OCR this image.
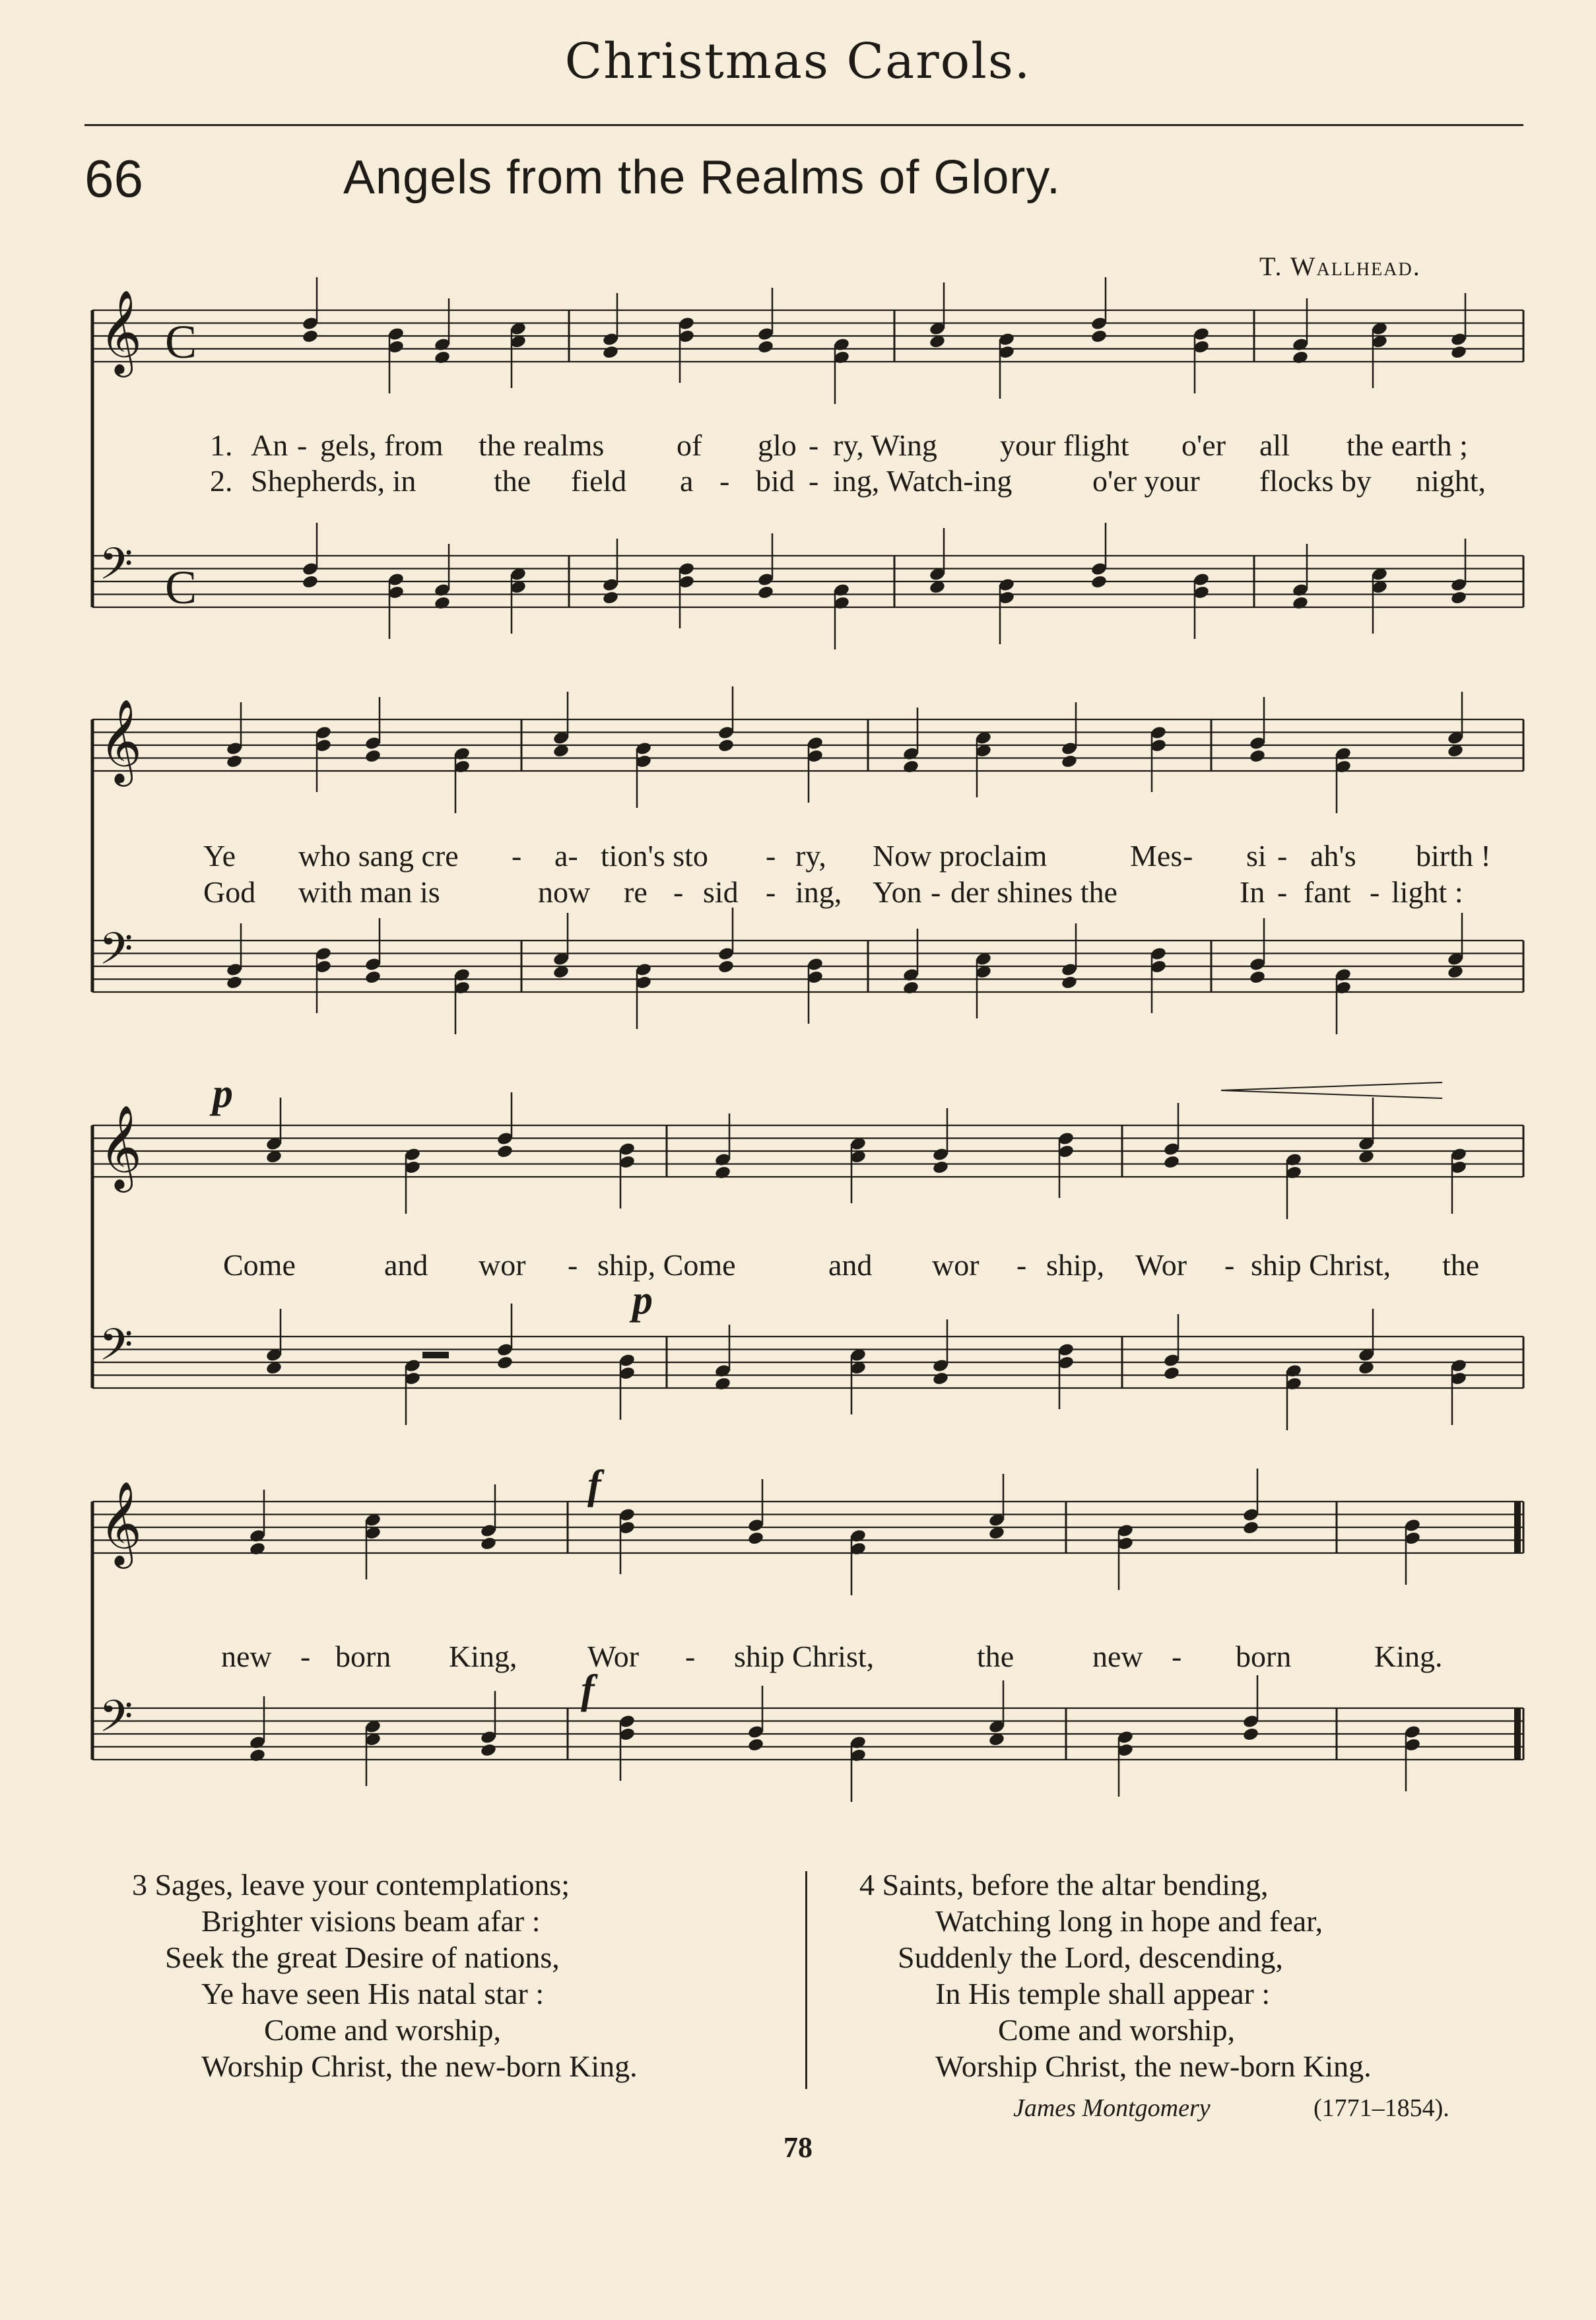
Christmas Carols.
66	Angels from the Realms of Glory.
T. Wallhead.
𝄞
𝄢
C
C
𝄞
𝄢
𝄞
𝄢
𝄞
𝄢
1. An - gels, from the realms of glo - ry, Wing your flight o'er all the earth ;
2. Shepherds, in	the field a - bid - ing, Watch-ing	o'er your flocks by night,
Ye who sang cre - a- tion's sto - ry, Now proclaim	Mes - si - ah's birth !
God with man is	now re - sid - ing, Yon - der shines the	In - fant - light :
Come	and wor - ship, Come	and wor - ship, Wor - ship Christ, the
new - born King, Wor - ship Christ,	the	new - born	King.
p
p
f
f
3 Sages, leave your contemplations;
Brighter visions beam afar :
Seek the great Desire of nations,
Ye have seen His natal star :
Come and worship,
Worship Christ, the new-born King.
4 Saints, before the altar bending,
Watching long in hope and fear,
Suddenly the Lord, descending,
In His temple shall appear :
Come and worship,
Worship Christ, the new-born King.
James Montgomery	(1771–1854).
78
